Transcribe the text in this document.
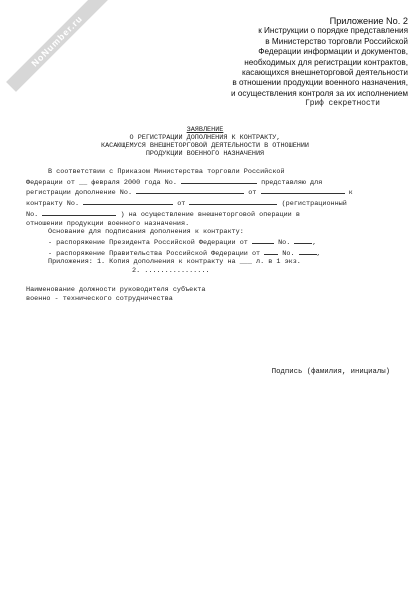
NoNumber.ru	Приложение No. 2
к Инструкции о порядке представления
в Министерство торговли Российской
Федерации информации и документов,
необходимых для регистрации контрактов,
касающихся внешнеторговой деятельности
в отношении продукции военного назначения,
и осуществления контроля за их исполнением
Гриф секретности
ЗАЯВЛЕНИЕ
О РЕГИСТРАЦИИ ДОПОЛНЕНИЯ К КОНТРАКТУ,
КАСАЮЩЕМУСЯ ВНЕШНЕТОРГОВОЙ ДЕЯТЕЛЬНОСТИ В ОТНОШЕНИИ
ПРОДУКЦИИ ВОЕННОГО НАЗНАЧЕНИЯ
В соответствии с Приказом Министерства торговли Российской
Федерации от __ февраля 2000 года No.	представляю для
регистрации дополнение No.	от	к
контракту No.	от	(регистрационный
No.	) на осуществление внешнеторговой операции в
отношении продукции военного назначения.
Основание для подписания дополнения к контракту:
- распоряжение Президента Российской Федерации от	No.	,
- распоряжение Правительства Российской Федерации от	No.	,
Приложения: 1. Копия дополнения к контракту на ___ л. в 1 экз.
2. ................
Наименование должности руководителя субъекта
военно - технического сотрудничества
Подпись (фамилия, инициалы)
